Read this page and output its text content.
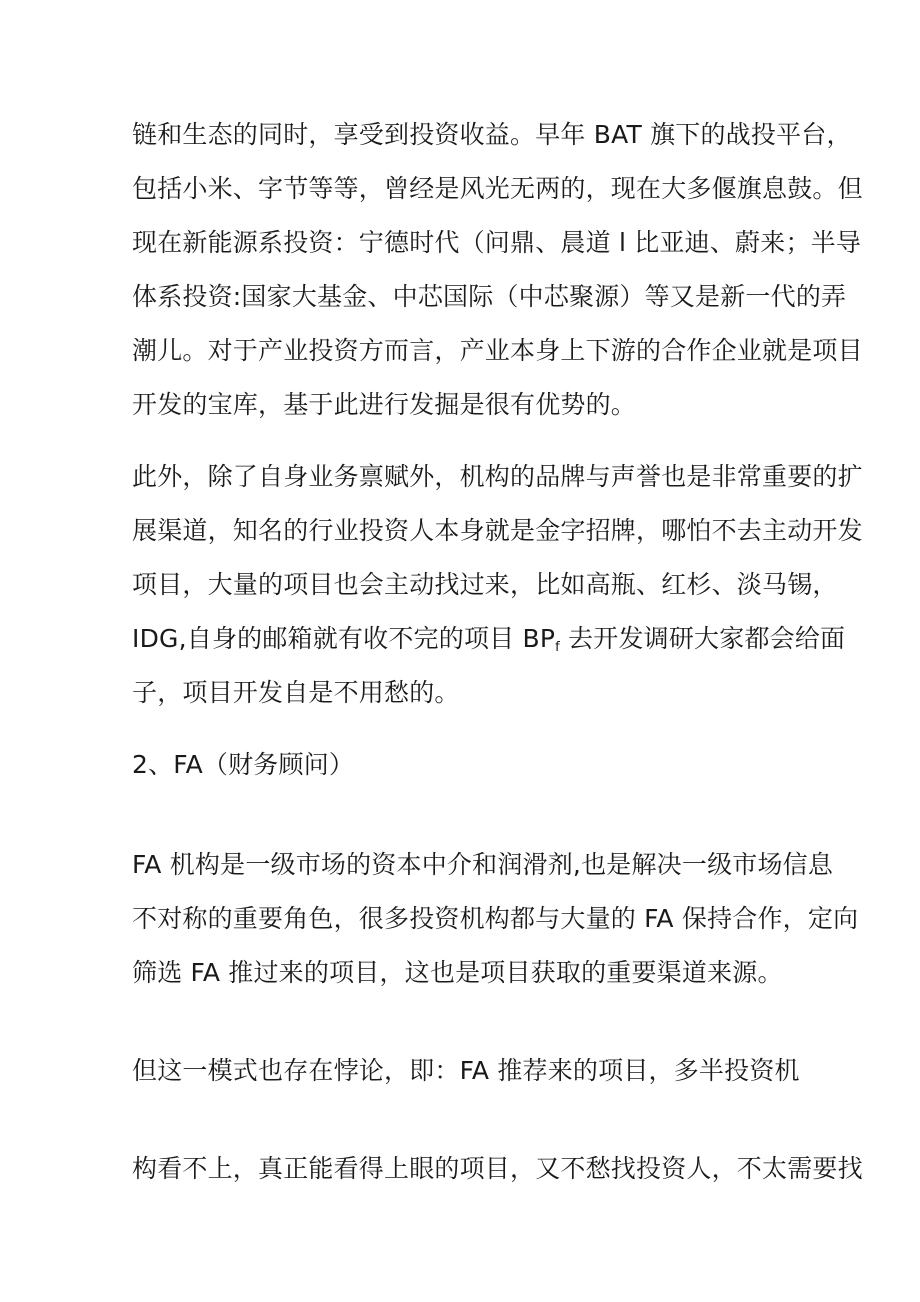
链和生态的同时，享受到投资收益。早年 BAT 旗下的战投平台，
包括小米、字节等等，曾经是风光无两的，现在大多偃旗息鼓。但
现在新能源系投资：宁德时代（问鼎、晨道 l 比亚迪、蔚来；半导
体系投资:国家大基金、中芯国际（中芯聚源）等又是新一代的弄
潮儿。对于产业投资方而言，产业本身上下游的合作企业就是项目
开发的宝库，基于此进行发掘是很有优势的。
此外，除了自身业务禀赋外，机构的品牌与声誉也是非常重要的扩
展渠道，知名的行业投资人本身就是金字招牌，哪怕不去主动开发
项目，大量的项目也会主动找过来，比如高瓶、红杉、淡马锡，
IDG,自身的邮箱就有收不完的项目 $BP_f$ 去开发调研大家都会给面
子，项目开发自是不用愁的。
2、FA（财务顾问）
FA 机构是一级市场的资本中介和润滑剂,也是解决一级市场信息
不对称的重要角色，很多投资机构都与大量的 FA 保持合作，定向
筛选 FA 推过来的项目，这也是项目获取的重要渠道来源。
但这一模式也存在悖论，即：FA 推荐来的项目，多半投资机
构看不上，真正能看得上眼的项目，又不愁找投资人，不太需要找
